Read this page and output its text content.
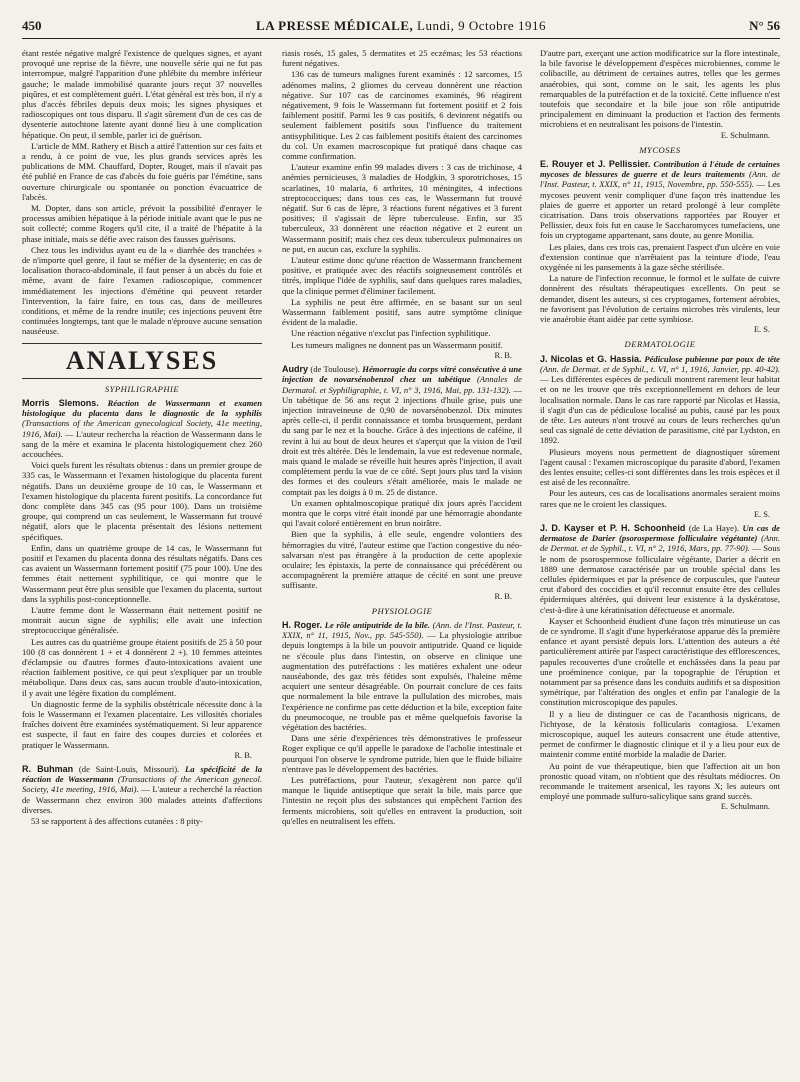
450	LA PRESSE MÉDICALE, Lundi, 9 Octobre 1916	N° 56

étant restée négative malgré l'existence de quelques signes, et ayant provoqué une reprise de la fièvre, une nouvelle série qui ne fut pas interrompue, malgré l'apparition d'une phlébite du membre inférieur gauche; le malade immobilisé quarante jours reçut 37 nouvelles piqûres, et est complètement guéri. L'état général est très bon, il n'y a plus d'accès fébriles depuis deux mois; les signes physiques et radioscopiques ont tous disparu. Il s'agit sûrement d'un de ces cas de dysenterie autochtone latente ayant donné lieu à une complication hépatique. On peut, il semble, parler ici de guérison.

L'article de MM. Rathery et Bisch a attiré l'attention sur ces faits et a rendu, à ce point de vue, les plus grands services après les publications de MM. Chauffard, Dopter, Rouget, mais il n'avait pas été publié en France de cas d'abcès du foie guéris par l'émétine, sans ouverture chirurgicale ou spontanée ou ponction évacuatrice de l'abcès.

M. Dopter, dans son article, prévoit la possibilité d'enrayer le processus amibien hépatique à la période initiale avant que le pus ne soit collecté; comme Rogers qu'il cite, il a traité de l'hépatite à la phase initiale, mais se défie avec raison des fausses guérisons.

Chez tous les individus ayant eu de la « diarrhée des tranchées » de n'importe quel genre, il faut se méfier de la dysenterie; en cas de localisation thoraco-abdominale, il faut penser à un abcès du foie et même, avant de faire l'examen radioscopique, commencer immédiatement les injections d'émétine qui peuvent retarder l'intervention, la faire faire, en tous cas, dans de meilleures conditions, et même de la rendre inutile; ces injections peuvent être continuées longtemps, tant que le malade n'éprouve aucune sensation nauséeuse.

ANALYSES
SYPHILIGRAPHIE

Morris Slemons. Réaction de Wassermann et examen histologique du placenta dans le diagnostic de la syphilis (Transactions of the American gynecological Society, 41e meeting, 1916, Mai). — L'auteur rechercha la réaction de Wassermann dans le sang de la mère et examina le placenta histologiquement chez 260 accouchées.

Voici quels furent les résultats obtenus : dans un premier groupe de 335 cas, le Wassermann et l'examen histologique du placenta furent négatifs. Dans un deuxième groupe de 10 cas, le Wassermann et l'examen histologique du placenta furent positifs. La concordance fut donc complète dans 345 cas (95 pour 100). Dans un troisième groupe, qui comprend un cas seulement, le Wassermann fut trouvé négatif, alors que le placenta présentait des lésions nettement spécifiques.

Enfin, dans un quatrième groupe de 14 cas, le Wassermann fut positif et l'examen du placenta donna des résultats négatifs. Dans ces cas avaient un Wassermann fortement positif (75 pour 100). Une des femmes était nettement syphilitique, ce qui montre que le Wassermann peut être plus sensible que l'examen du placenta, surtout dans la syphilis post-conceptionnelle.

L'autre femme dont le Wassermann était nettement positif ne montrait aucun signe de syphilis; elle avait une infection streptococcique généralisée.

Les autres cas du quatrième groupe étaient positifs de 25 à 50 pour 100 (8 cas donnèrent 1 + et 4 donnèrent 2 +). 10 femmes atteintes d'éclampsie ou d'autres formes d'auto-intoxications avaient une réaction faiblement positive, ce qui peut s'expliquer par un trouble métabolique. Dans deux cas, sans aucun trouble d'auto-intoxication, il y avait une légère fixation du complément.

Un diagnostic ferme de la syphilis obstétricale nécessite donc à la fois le Wassermann et l'examen placentaire. Les villosités choriales fraîches doivent être examinées systématiquement. Si leur apparence est suspecte, il faut en faire des coupes durcies et colorées et pratiquer le Wassermann.

R. B.

R. Buhman (de Saint-Louis, Missouri). La spécificité de la réaction de Wassermann (Transactions of the American gynecol. Society, 41e meeting, 1916, Mai). — L'auteur a recherché la réaction de Wassermann chez environ 300 malades atteints d'affections diverses.

53 se rapportent à des affections cutanées : 8 pity-

riasis rosés, 15 gales, 5 dermatites et 25 eczémas; les 53 réactions furent négatives.

136 cas de tumeurs malignes furent examinés : 12 sarcomes, 15 adénomes malins, 2 gliomes du cerveau donnèrent une réaction négative. Sur 107 cas de carcinomes examinés, 96 réagirent négativement, 9 fois le Wassermann fut fortement positif et 2 fois faiblement positif. Parmi les 9 cas positifs, 6 devinrent négatifs ou seulement faiblement positifs sous l'influence du traitement antisyphilitique. Les 2 cas faiblement positifs étaient des carcinomes du col. Un examen macroscopique fut pratiqué dans chaque cas comme confirmation.

L'auteur examine enfin 99 malades divers : 3 cas de trichinose, 4 anémies pernicieuses, 3 maladies de Hodgkin, 3 sporotrichoses, 15 scarlatines, 10 malaria, 6 arthrites, 10 méningites, 4 infections streptococciques; dans tous ces cas, le Wassermann fut trouvé négatif. Sur 6 cas de lèpre, 3 réactions furent négatives et 3 furent positives; il s'agissait de lèpre tuberculeuse. Enfin, sur 35 tuberculeux, 33 donnèrent une réaction négative et 2 eurent un Wassermann positif; mais chez ces deux tuberculeux pulmonaires on ne put, en aucun cas, exclure la syphilis.

L'auteur estime donc qu'une réaction de Wassermann franchement positive, et pratiquée avec des réactifs soigneusement contrôlés et titrés, implique l'idée de syphilis, sauf dans quelques rares maladies, que la clinique permet d'éliminer facilement.

La syphilis ne peut être affirmée, en se basant sur un seul Wassermann faiblement positif, sans autre symptôme clinique évident de la maladie.

Une réaction négative n'exclut pas l'infection syphilitique.

Les tumeurs malignes ne donnent pas un Wassermann positif.

R. B.

Audry (de Toulouse). Hémorragie du corps vitré consécutive à une injection de novarsénobenzol chez un tabétique (Annales de Dermatol. et Syphiligraphie, t. VI, n° 3, 1916, Mai, pp. 131-132). — Un tabétique de 56 ans reçut 2 injections d'huile grise, puis une injection intraveineuse de 0,90 de novarsénobenzol. Dix minutes après celle-ci, il perdit connaissance et tomba brusquement, perdant du sang par le nez et la bouche. Grâce à des injections de caféine, il revint à lui au bout de deux heures et s'aperçut que la vision de l'œil droit est très altérée. Dès le lendemain, la vue est redevenue normale, mais quand le malade se réveille huit heures après l'injection, il avait complètement perdu la vue de ce côté. Sept jours plus tard la vision des formes et des couleurs s'était améliorée, mais le malade ne comptait pas les doigts à 0 m. 25 de distance.

Un examen ophtalmoscopique pratiqué dix jours après l'accident montra que le corps vitré était inondé par une hémorragie abondante qui l'avait coloré entièrement en brun noirâtre.

Bien que la syphilis, à elle seule, engendre volontiers des hémorragies du vitré, l'auteur estime que l'action congestive du néo-salvarsan n'est pas étrangère à la production de cette apoplexie oculaire; les épistaxis, la perte de connaissance qui précédèrent ou accompagnèrent la première attaque de cécité en sont une preuve suffisante.

R. B.
PHYSIOLOGIE

H. Roger. Le rôle antiputride de la bile. (Ann. de l'Inst. Pasteur, t. XXIX, n° 11, 1915, Nov., pp. 545-550). — La physiologie attribue depuis longtemps à la bile un pouvoir antiputride. Quand ce liquide ne s'écoule plus dans l'intestin, on observe en clinique une augmentation des putréfactions : les matières exhalent une odeur nauséabonde, des gaz très fétides sont expulsés, l'haleine même acquiert une senteur désagréable. On pourrait conclure de ces faits que normalement la bile entrave la pullulation des microbes, mais l'expérience ne confirme pas cette déduction et la bile, exception faite du pneumocoque, ne trouble pas et même quelquefois favorise la végétation des bactéries.

Dans une série d'expériences très démonstratives le professeur Roger explique ce qu'il appelle le paradoxe de l'acholie intestinale et pourquoi l'on observe le syndrome putride, bien que le fluide biliaire n'entrave pas le développement des bactéries.

Les putréfactions, pour l'auteur, s'exagèrent non parce qu'il manque le liquide antiseptique que serait la bile, mais parce que l'intestin ne reçoit plus des substances qui empêchent l'action des ferments microbiens, soit qu'elles en entravent la production, soit qu'elles en neutralisent les effets.

D'autre part, exerçant une action modificatrice sur la flore intestinale, la bile favorise le développement d'espèces microbiennes, comme le colibacille, au détriment de certaines autres, telles que les germes anaérobies, qui sont, comme on le sait, les agents les plus remarquables de la putréfaction et de la toxicité. Cette influence n'est toutefois que secondaire et la bile joue son rôle antiputride principalement en diminuant la production et l'action des ferments microbiens et en neutralisant les poisons de l'intestin.

E. Schulmann.
MYCOSES

E. Rouyer et J. Pellissier. Contribution à l'étude de certaines mycoses de blessures de guerre et de leurs traitements (Ann. de l'Inst. Pasteur, t. XXIX, n° 11, 1915, Novembre, pp. 550-555). — Les mycoses peuvent venir compliquer d'une façon très inattendue les plaies de guerre et apporter un retard prolongé à leur complète cicatrisation. Dans trois observations rapportées par Rouyer et Pellissier, deux fois fut en cause le Saccharomyces tumefaciens, une fois un cryptogame appartenant, sans doute, au genre Monilia.

Les plaies, dans ces trois cas, prenaient l'aspect d'un ulcère en voie d'extension continue que n'arrêtaient pas la teinture d'iode, l'eau oxygénée ni les pansements à la gaze sèche stérilisée.

La nature de l'infection reconnue, le formol et le sulfate de cuivre donnèrent des résultats thérapeutiques excellents. On peut se demander, disent les auteurs, si ces cryptogames, fortement aérobies, ne favorisent pas l'évolution de certains microbes très virulents, leur vie anaérobie étant aidée par cette symbiose.

E. S.
DERMATOLOGIE

J. Nicolas et G. Hassia. Pédiculose pubienne par poux de tête (Ann. de Dermat. et de Syphil., t. VI, n° 1, 1916, Janvier, pp. 40-42). — Les différentes espèces de pediculi montrent rarement leur habitat et on ne les trouve que très exceptionnellement en dehors de leur localisation normale. Dans le cas rare rapporté par Nicolas et Hassia, il s'agit d'un cas de pédiculose localisé au pubis, causé par les poux de tête. Les auteurs n'ont trouvé au cours de leurs recherches qu'un seul cas signalé de cette déviation de parasitisme, cité par Lydston, en 1892.

Plusieurs moyens nous permettent de diagnostiquer sûrement l'agent causal : l'examen microscopique du parasite d'abord, l'examen des lentes ensuite; celles-ci sont différentes dans les trois espèces et il est aisé de les reconnaître.

Pour les auteurs, ces cas de localisations anormales seraient moins rares que ne le croient les classiques.

E. S.

J. D. Kayser et P. H. Schoonheid (de La Haye). Un cas de dermatose de Darier (psorospermose folliculaire végétante) (Ann. de Dermat. et de Syphil., t. VI, n° 2, 1916, Mars, pp. 77-90). — Sous le nom de psorospermose folliculaire végétante, Darier a décrit en 1889 une dermatose caractérisée par un trouble spécial dans les cellules épidermiques et par la présence de corpuscules, que l'auteur crut d'abord des coccidies et qu'il reconnut ensuite être des cellules épidermiques altérées, qui doivent leur existence à la dyskératose, c'est-à-dire à une kératinisation défectueuse et anormale.

Kayser et Schoonheid étudient d'une façon très minutieuse un cas de ce syndrome. Il s'agit d'une hyperkératose apparue dès la première enfance et ayant persisté depuis lors. L'attention des auteurs a été particulièrement attirée par l'aspect caractéristique des efflorescences, papules recouvertes d'une croûtelle et enchâssées dans la peau par une proéminence conique, par la topographie de l'éruption et notamment par sa présence dans les conduits auditifs et sa disposition symétrique, par l'altération des ongles et enfin par l'analogie de la constitution microscopique des papules.

Il y a lieu de distinguer ce cas de l'acanthosis nigricans, de l'ichtyose, de la kératosis follicularis contagiosa. L'examen microscopique, auquel les auteurs consacrent une étude attentive, permet de confirmer le diagnostic clinique et il y a lieu pour eux de maintenir comme entité morbide la maladie de Darier.

Au point de vue thérapeutique, bien que l'affection ait un bon pronostic quoad vitam, on n'obtient que des résultats médiocres. On recommande le traitement arsenical, les rayons X; les auteurs ont employé une pommade sulfuro-salicylique sans grand succès.

E. Schulmann.
